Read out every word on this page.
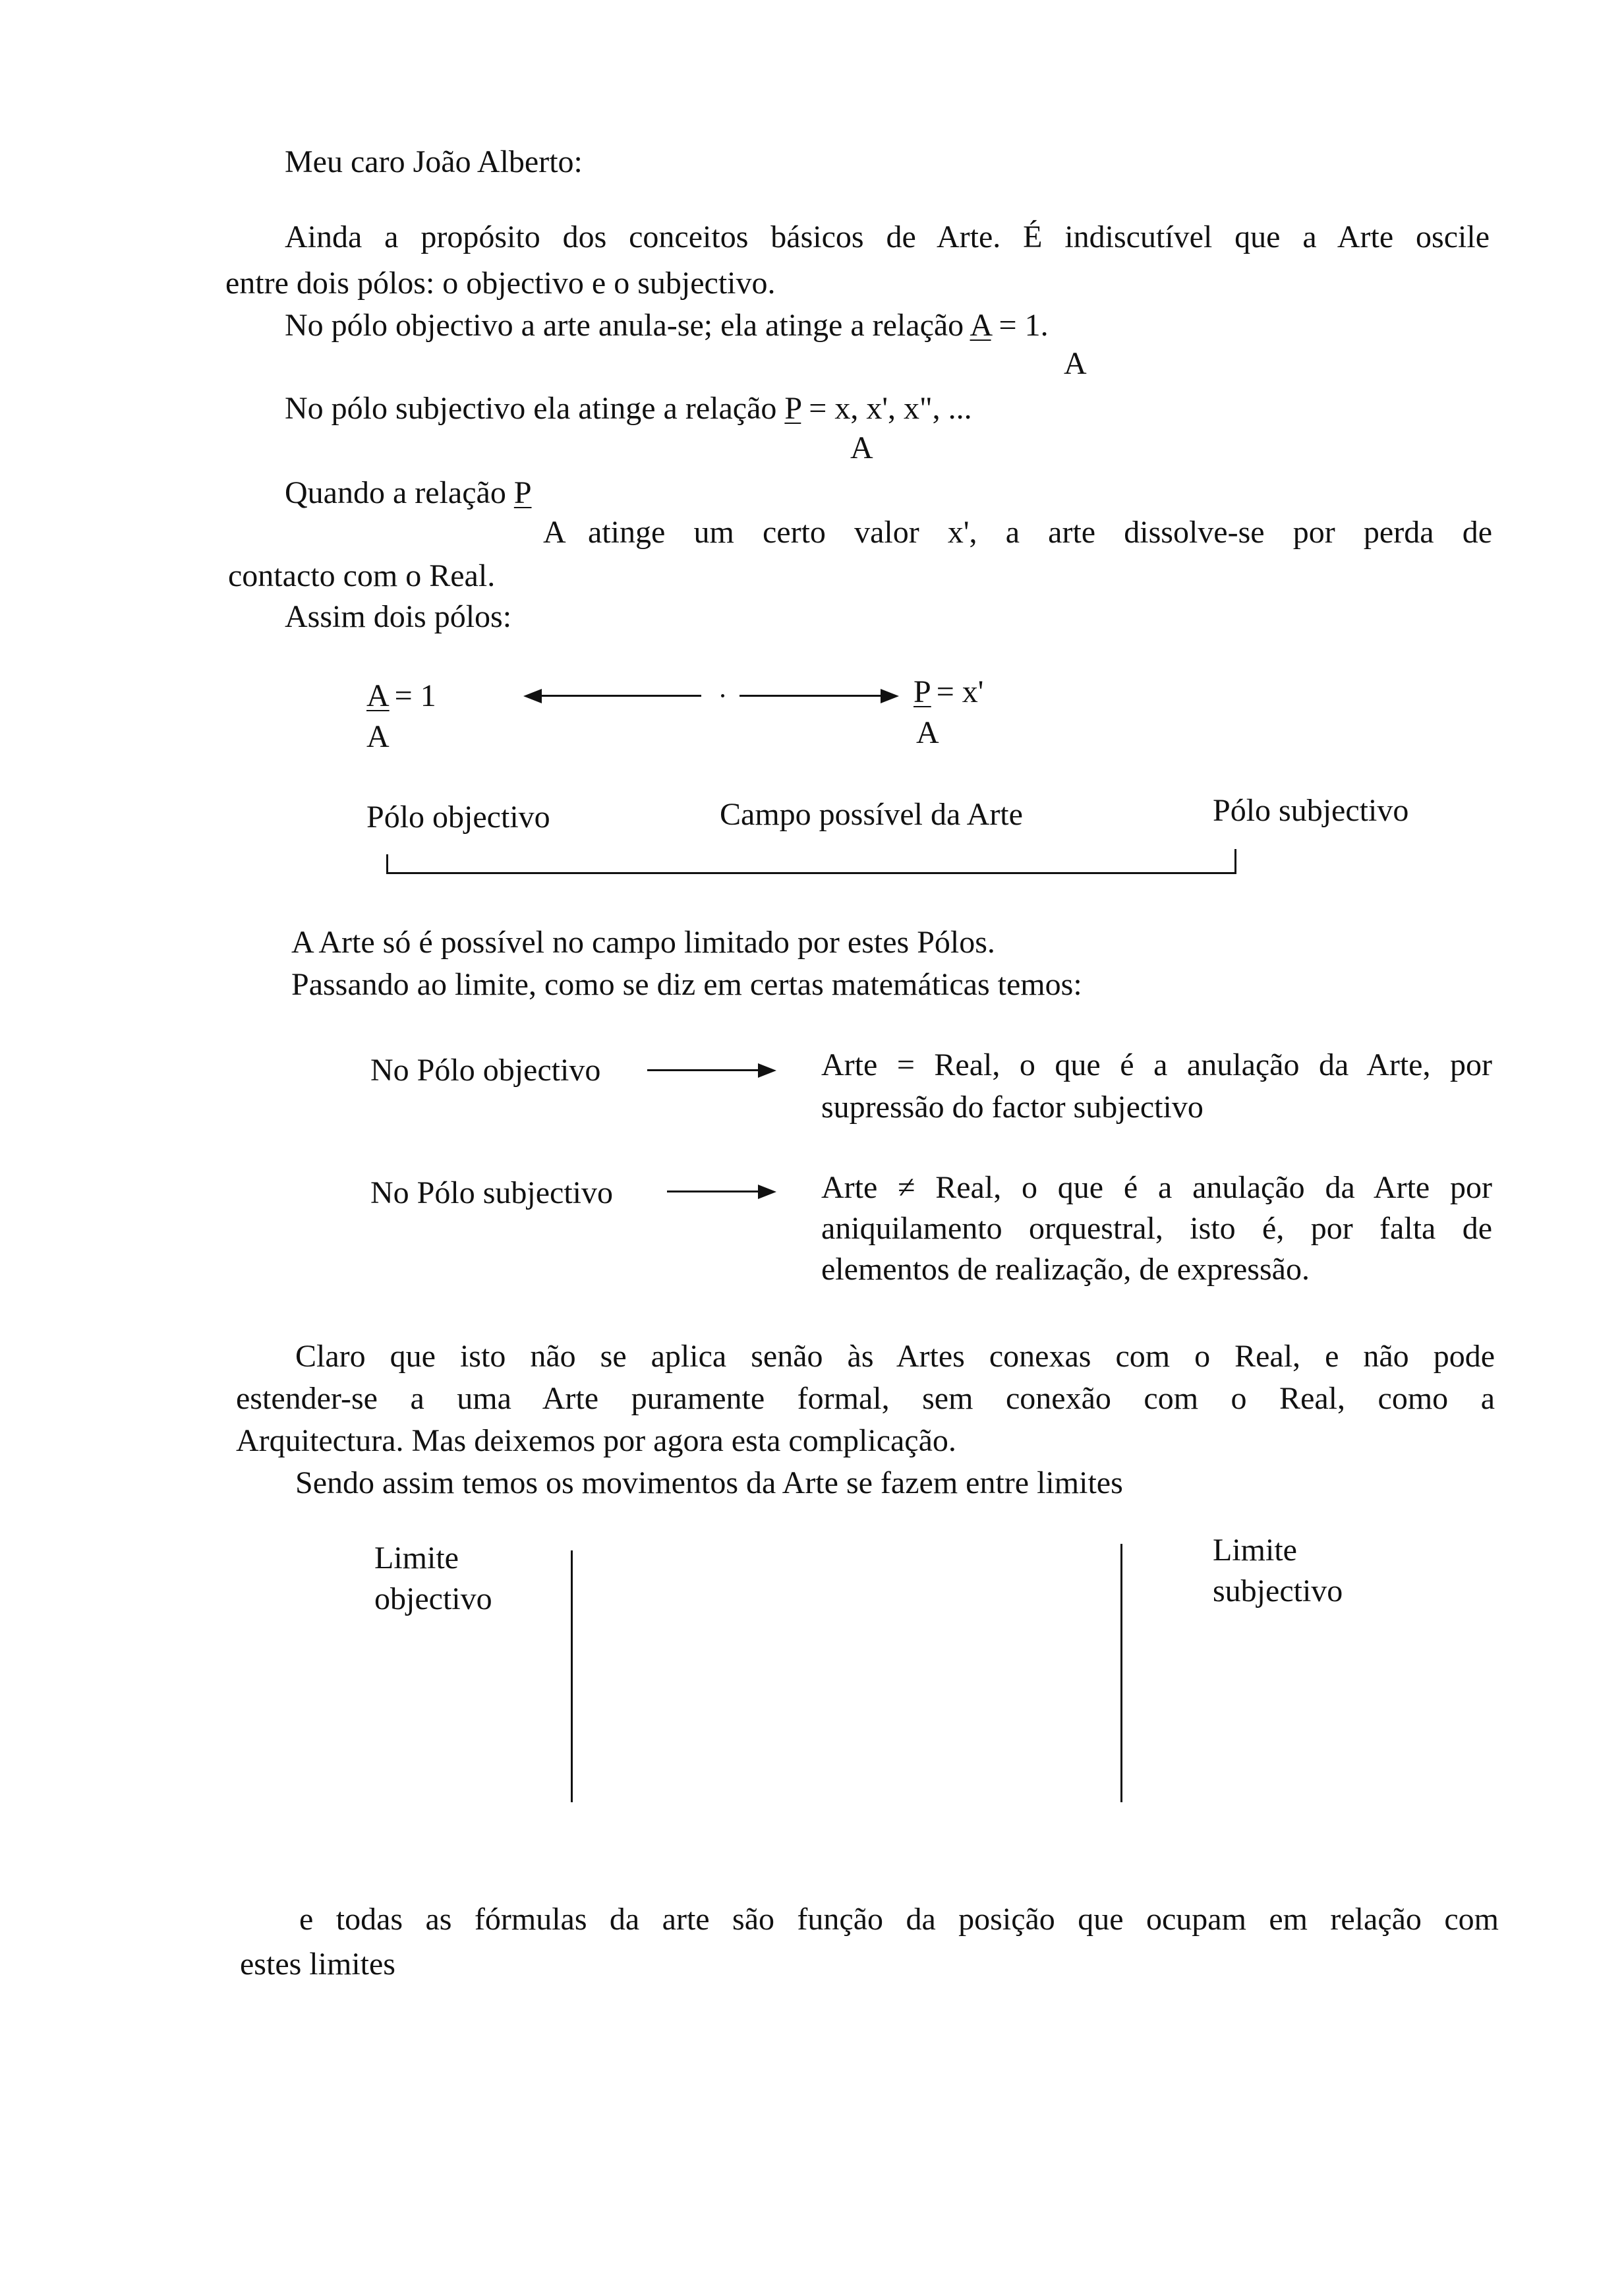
Meu caro João Alberto:
Ainda a propósito dos conceitos básicos de Arte. É indiscutível que a Arte oscile
entre dois pólos: o objectivo e o subjectivo.
No pólo objectivo a arte anula-se; ela atinge a relação A = 1.
A
No pólo subjectivo ela atinge a relação P = x, x', x", ...
A
Quando a relação P
A atinge um certo valor x', a arte dissolve-se por perda de
contacto com o Real.
Assim dois pólos:
A = 1
A
P = x'
A
Pólo objectivo	Campo possível da Arte	Pólo subjectivo
A Arte só é possível no campo limitado por estes Pólos.
Passando ao limite, como se diz em certas matemáticas temos:
No Pólo objectivo	Arte = Real, o que é a anulação da Arte, por
supressão do factor subjectivo
No Pólo subjectivo	Arte ≠ Real, o que é a anulação da Arte por
aniquilamento orquestral, isto é, por falta de
elementos de realização, de expressão.
Claro que isto não se aplica senão às Artes conexas com o Real, e não pode
estender-se a uma Arte puramente formal, sem conexão com o Real, como a
Arquitectura. Mas deixemos por agora esta complicação.
Sendo assim temos os movimentos da Arte se fazem entre limites
Limite
objectivo
Limite
subjectivo
e todas as fórmulas da arte são função da posição que ocupam em relação com
estes limites
